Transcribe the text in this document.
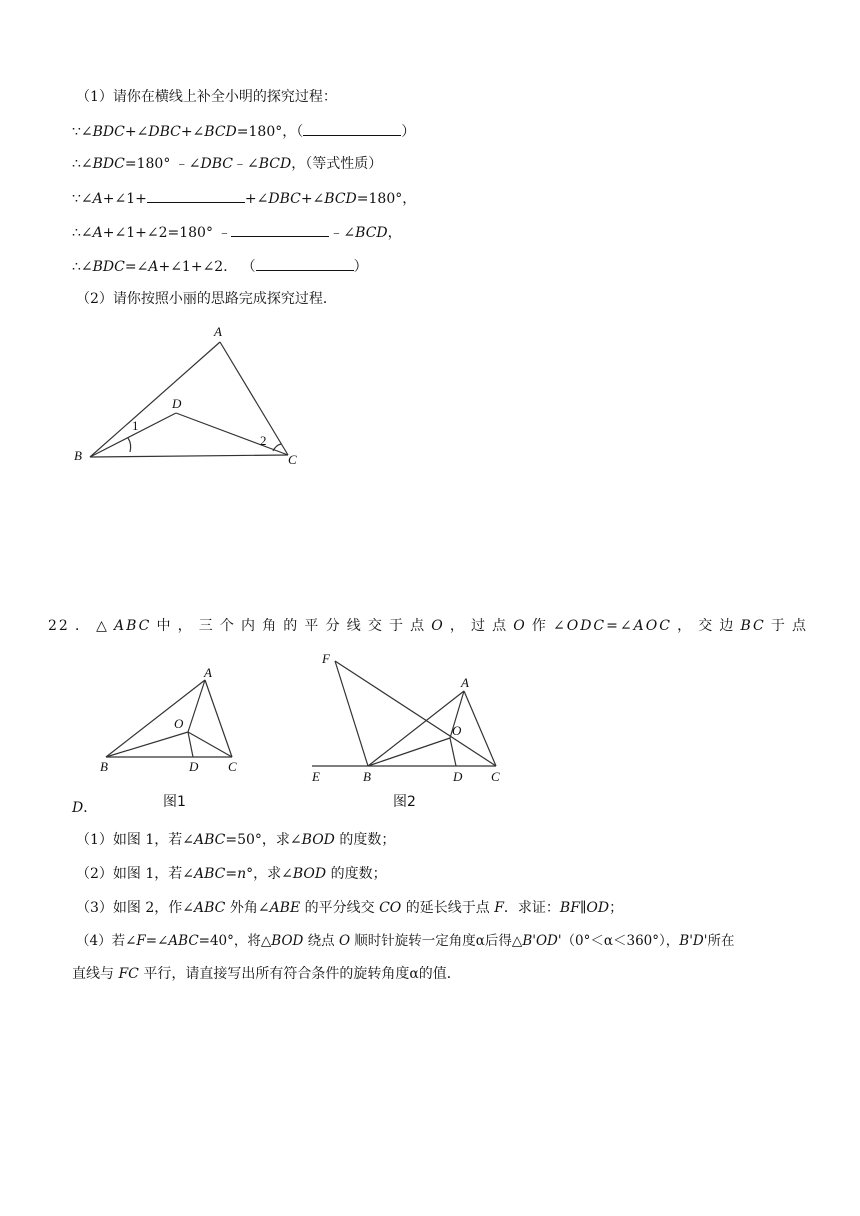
（1）请你在横线上补全小明的探究过程：
∵∠BDC+∠DBC+∠BCD=180°，（	）
∴∠BDC=180° ﹣∠DBC﹣∠BCD，（等式性质）
∵∠A+∠1+	+∠DBC+∠BCD=180°，
∴∠A+∠1+∠2=180° ﹣	﹣∠BCD，
∴∠BDC=∠A+∠1+∠2． （	）
（2）请你按照小丽的思路完成探究过程．
A
B	C
D
1
2
22．△ABC中，三个内角的平分线交于点O，过点O作∠ODC=∠AOC，交边BC于点
A
B	C
D
O
图1
F
A
O
E	B	D C
图2
D．
（1）如图 1，若∠ABC=50°，求∠BOD 的度数；
（2）如图 1，若∠ABC=n°，求∠BOD 的度数；
（3）如图 2，作∠ABC 外角∠ABE 的平分线交 CO 的延长线于点 F．求证：BF∥OD；
（4）若∠F=∠ABC=40°，将△BOD 绕点 O 顺时针旋转一定角度α后得△B'OD'（0°＜α＜360°），B'D'所在
直线与 FC 平行，请直接写出所有符合条件的旋转角度α的值．
